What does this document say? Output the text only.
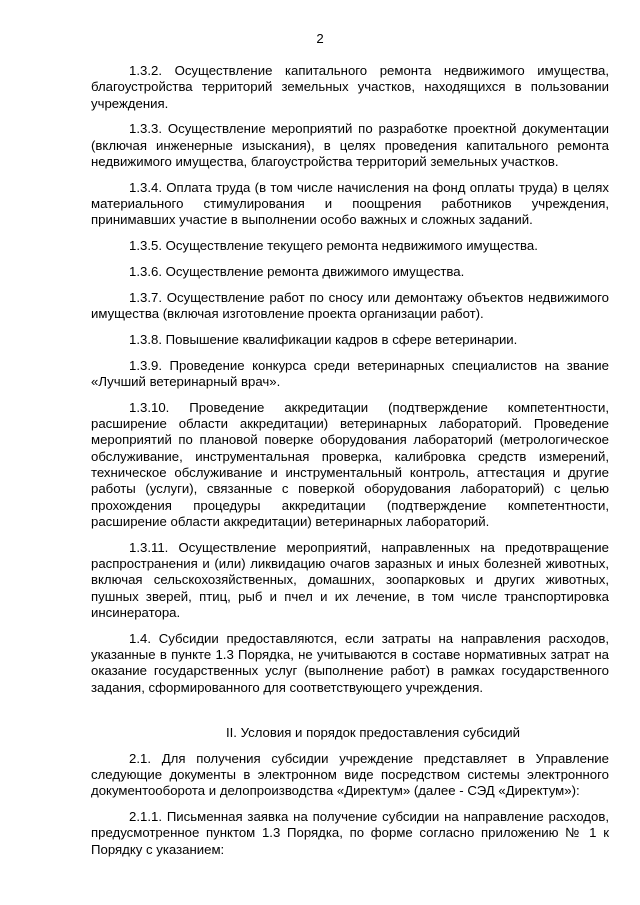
2

1.3.2. Осуществление капитального ремонта недвижимого имущества, благоустройства территорий земельных участков, находящихся в пользовании учреждения.

1.3.3. Осуществление мероприятий по разработке проектной документации (включая инженерные изыскания), в целях проведения капитального ремонта недвижимого имущества, благоустройства территорий земельных участков.

1.3.4. Оплата труда (в том числе начисления на фонд оплаты труда) в целях материального стимулирования и поощрения работников учреждения, принимавших участие в выполнении особо важных и сложных заданий.

1.3.5. Осуществление текущего ремонта недвижимого имущества.

1.3.6. Осуществление ремонта движимого имущества.

1.3.7. Осуществление работ по сносу или демонтажу объектов недвижимого имущества (включая изготовление проекта организации работ).

1.3.8. Повышение квалификации кадров в сфере ветеринарии.

1.3.9. Проведение конкурса среди ветеринарных специалистов на звание «Лучший ветеринарный врач».

1.3.10. Проведение аккредитации (подтверждение компетентности, расширение области аккредитации) ветеринарных лабораторий. Проведение мероприятий по плановой поверке оборудования лабораторий (метрологическое обслуживание, инструментальная проверка, калибровка средств измерений, техническое обслуживание и инструментальный контроль, аттестация и другие работы (услуги), связанные с поверкой оборудования лабораторий) с целью прохождения процедуры аккредитации (подтверждение компетентности, расширение области аккредитации) ветеринарных лабораторий.

1.3.11. Осуществление мероприятий, направленных на предотвращение распространения и (или) ликвидацию очагов заразных и иных болезней животных, включая сельскохозяйственных, домашних, зоопарковых и других животных, пушных зверей, птиц, рыб и пчел и их лечение, в том числе транспортировка инсинератора.

1.4. Субсидии предоставляются, если затраты на направления расходов, указанные в пункте 1.3 Порядка, не учитываются в составе нормативных затрат на оказание государственных услуг (выполнение работ) в рамках государственного задания, сформированного для соответствующего учреждения.

II. Условия и порядок предоставления субсидий

2.1. Для получения субсидии учреждение представляет в Управление следующие документы в электронном виде посредством системы электронного документооборота и делопроизводства «Директум» (далее - СЭД «Директум»):

2.1.1. Письменная заявка на получение субсидии на направление расходов, предусмотренное пунктом 1.3 Порядка, по форме согласно приложению № 1 к Порядку с указанием:
